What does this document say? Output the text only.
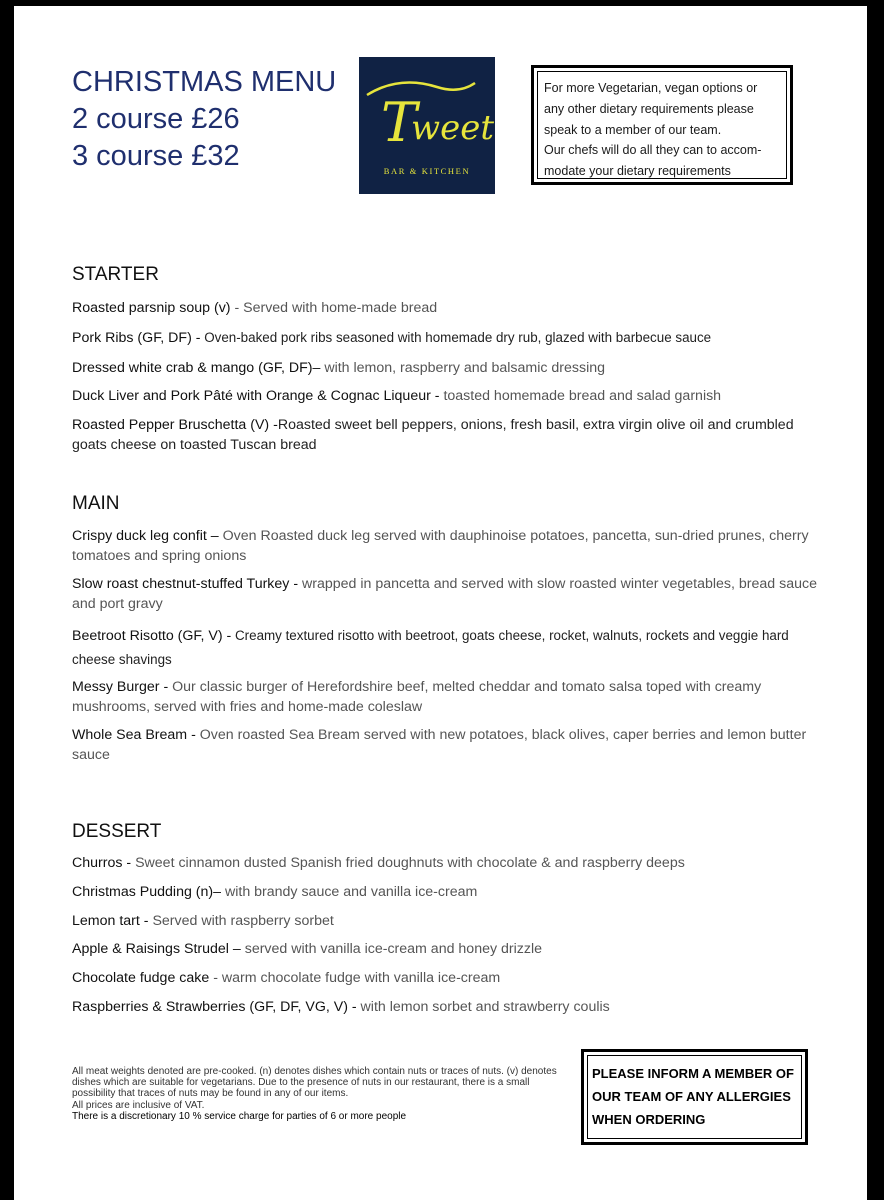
CHRISTMAS MENU
2 course £26
3 course £32
T
weet
BAR & KITCHEN
For more Vegetarian, vegan options or
any other dietary requirements please
speak to a member of our team.
Our chefs will do all they can to accom-
modate your dietary requirements
STARTER
Roasted parsnip soup (v) - Served with home-made bread
Pork Ribs (GF, DF) - Oven-baked pork ribs seasoned with homemade dry rub, glazed with barbecue sauce
Dressed white crab & mango (GF, DF)– with lemon, raspberry and balsamic dressing
Duck Liver and Pork Pâté with Orange & Cognac Liqueur - toasted homemade bread and salad garnish
Roasted Pepper Bruschetta (V) -Roasted sweet bell peppers, onions, fresh basil, extra virgin olive oil and crumbled goats cheese on toasted Tuscan bread
MAIN
Crispy duck leg confit – Oven Roasted duck leg served with dauphinoise potatoes, pancetta, sun-dried prunes, cherry tomatoes and spring onions
Slow roast chestnut-stuffed Turkey - wrapped in pancetta and served with slow roasted winter vegetables, bread sauce and port gravy
Beetroot Risotto (GF, V) - Creamy textured risotto with beetroot, goats cheese, rocket, walnuts, rockets and veggie hard cheese shavings
Messy Burger - Our classic burger of Herefordshire beef, melted cheddar and tomato salsa toped with creamy mushrooms, served with fries and home-made coleslaw
Whole Sea Bream - Oven roasted Sea Bream served with new potatoes, black olives, caper berries and lemon butter sauce
DESSERT
Churros - Sweet cinnamon dusted Spanish fried doughnuts with chocolate & and raspberry deeps
Christmas Pudding (n)– with brandy sauce and vanilla ice-cream
Lemon tart - Served with raspberry sorbet
Apple & Raisings Strudel – served with vanilla ice-cream and honey drizzle
Chocolate fudge cake - warm chocolate fudge with vanilla ice-cream
Raspberries & Strawberries (GF, DF, VG, V) - with lemon sorbet and strawberry coulis
All meat weights denoted are pre-cooked. (n) denotes dishes which contain nuts or traces of nuts. (v) denotes dishes which are suitable for vegetarians. Due to the presence of nuts in our restaurant, there is a small possibility that traces of nuts may be found in any of our items.
All prices are inclusive of VAT.
There is a discretionary 10 % service charge for parties of 6 or more people
PLEASE INFORM A MEMBER OF
OUR TEAM OF ANY ALLERGIES
WHEN ORDERING
